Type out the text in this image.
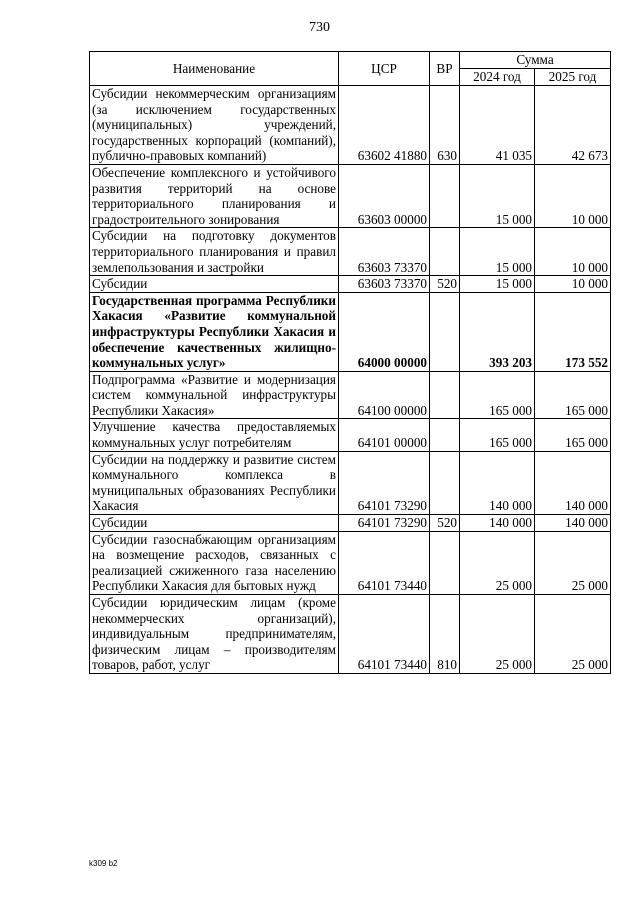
730
Наименование	ЦСР	ВР	Сумма	
			2024 год	2025 год
Субсидии некоммерческим организациям (за исключением государственных (муниципальных) учреждений, государственных корпораций (компаний), публично-правовых компаний)	63602 41880	630	41 035	42 673
Обеспечение комплексного и устойчивого развития территорий на основе территориального планирования и градостроительного зонирования	63603 00000		15 000	10 000
Субсидии на подготовку документов территориального планирования и правил землепользования и застройки	63603 73370		15 000	10 000
Субсидии	63603 73370	520	15 000	10 000
Государственная программа Республики Хакасия «Развитие коммунальной инфраструктуры Республики Хакасия и обеспечение качественных жилищно-коммунальных услуг»	64000 00000		393 203	173 552
Подпрограмма «Развитие и модернизация систем коммунальной инфраструктуры Республики Хакасия»	64100 00000		165 000	165 000
Улучшение качества предоставляемых коммунальных услуг потребителям	64101 00000		165 000	165 000
Субсидии на поддержку и развитие систем коммунального комплекса в муниципальных образованиях Республики Хакасия	64101 73290		140 000	140 000
Субсидии	64101 73290	520	140 000	140 000
Субсидии газоснабжающим организациям на возмещение расходов, связанных с реализацией сжиженного газа населению Республики Хакасия для бытовых нужд	64101 73440		25 000	25 000
Субсидии юридическим лицам (кроме некоммерческих организаций), индивидуальным предпринимателям, физическим лицам – производителям товаров, работ, услуг	64101 73440	810	25 000	25 000
k309 b2
